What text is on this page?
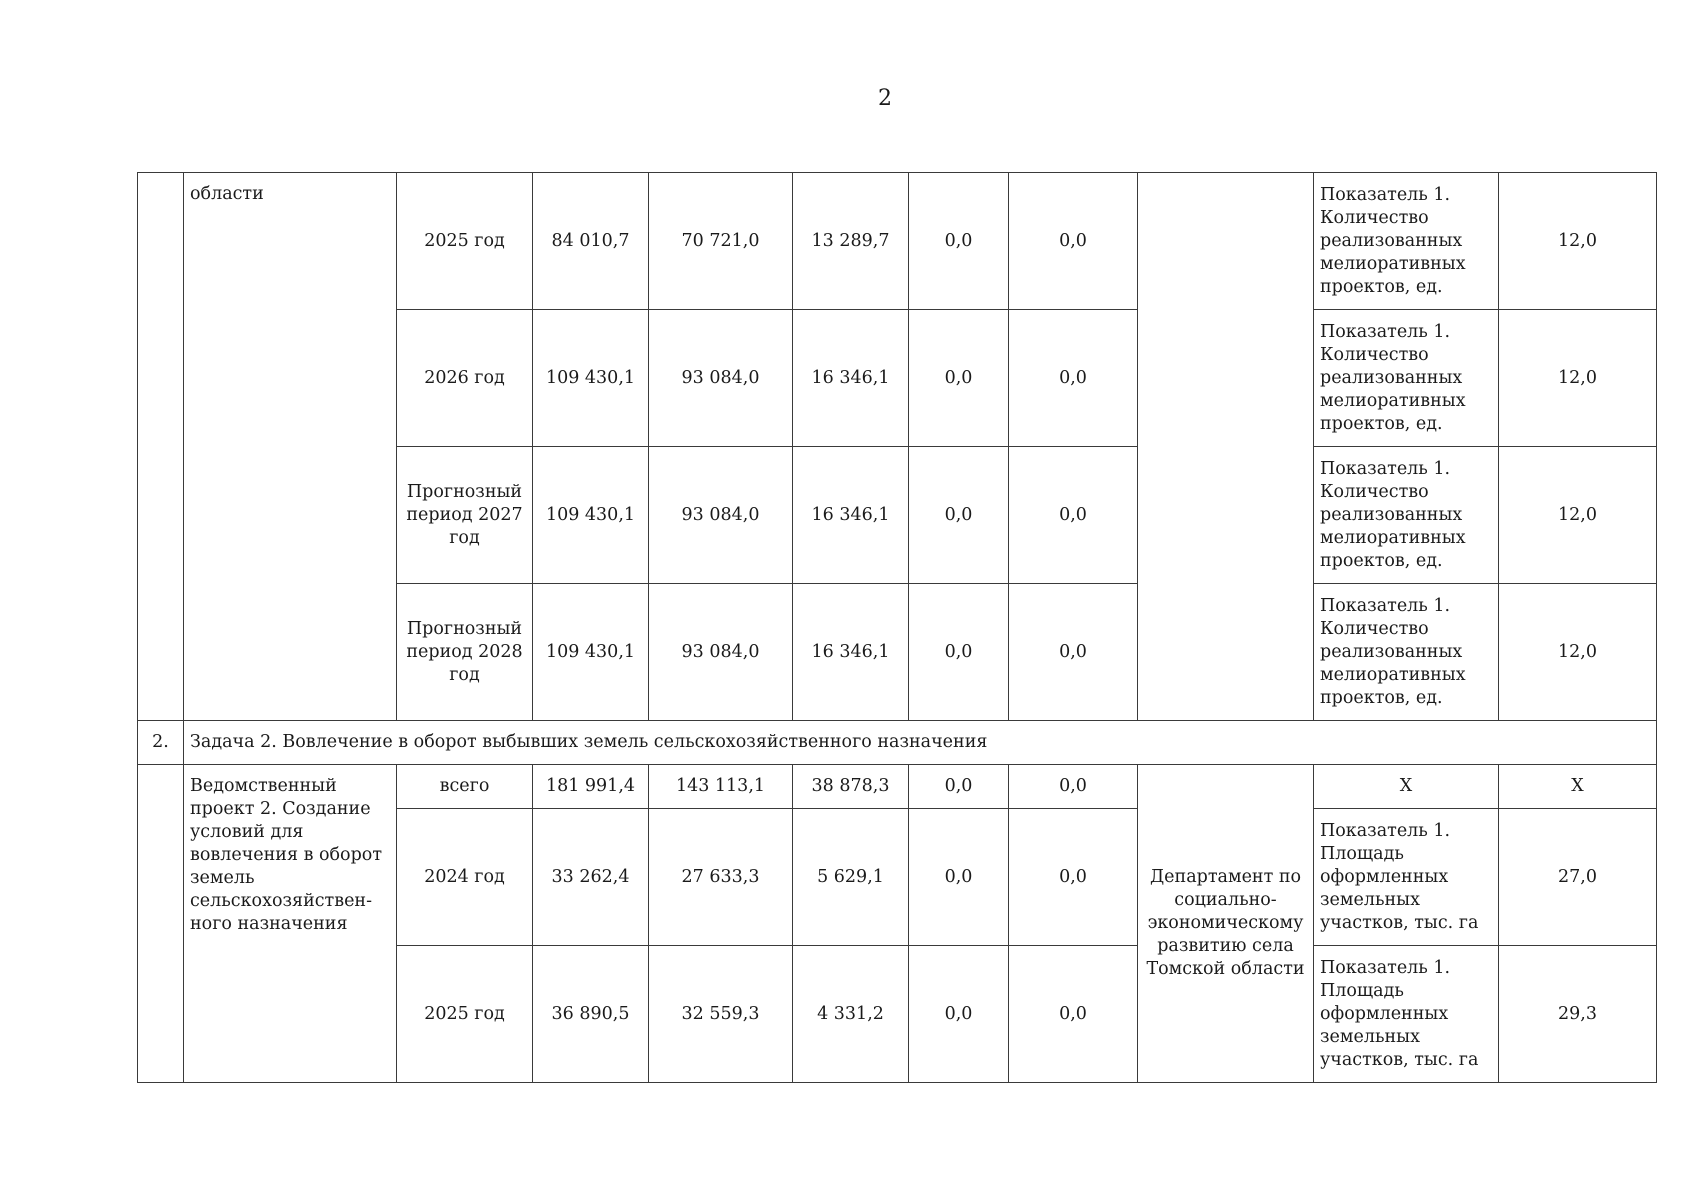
2
	области	2025 год	84 010,7	70 721,0	13 289,7	0,0	0,0		Показатель 1. Количество реализованных мелиоративных проектов, ед.	12,0
		2026 год	109 430,1	93 084,0	16 346,1	0,0	0,0		Показатель 1. Количество реализованных мелиоративных проектов, ед.	12,0
		Прогнозный период 2027 год	109 430,1	93 084,0	16 346,1	0,0	0,0		Показатель 1. Количество реализованных мелиоративных проектов, ед.	12,0
		Прогнозный период 2028 год	109 430,1	93 084,0	16 346,1	0,0	0,0		Показатель 1. Количество реализованных мелиоративных проектов, ед.	12,0
2.	Задача 2. Вовлечение в оборот выбывших земель сельскохозяйственного назначения									
	Ведомственный проект 2. Создание условий для вовлечения в оборот земель сельскохозяйствен-ного назначения	всего	181 991,4	143 113,1	38 878,3	0,0	0,0	Департамент по социально-экономическому развитию села Томской области	Х	Х
		2024 год	33 262,4	27 633,3	5 629,1	0,0	0,0		Показатель 1. Площадь оформленных земельных участков, тыс. га	27,0
		2025 год	36 890,5	32 559,3	4 331,2	0,0	0,0		Показатель 1. Площадь оформленных земельных участков, тыс. га	29,3
